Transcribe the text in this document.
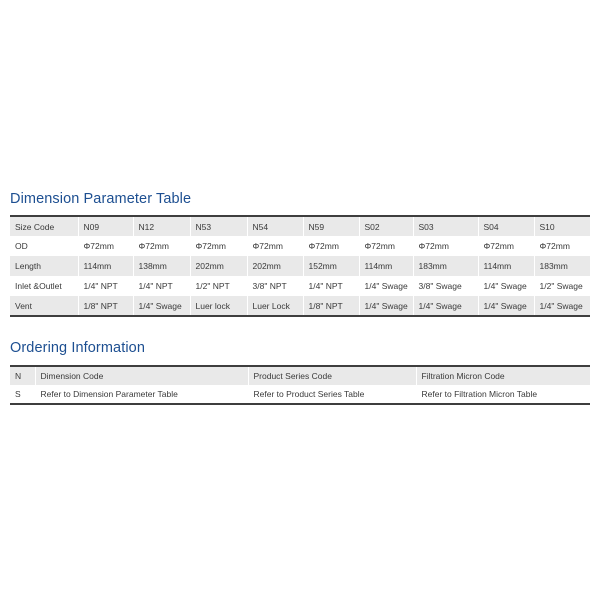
Dimension Parameter Table
Size Code	N09	N12	N53	N54	N59	S02	S03	S04	S10
OD	Φ72mm	Φ72mm	Φ72mm	Φ72mm	Φ72mm	Φ72mm	Φ72mm	Φ72mm	Φ72mm
Length	114mm	138mm	202mm	202mm	152mm	114mm	183mm	114mm	183mm
Inlet &Outlet	1/4" NPT	1/4" NPT	1/2" NPT	3/8" NPT	1/4" NPT	1/4" Swage	3/8" Swage	1/4" Swage	1/2" Swage
Vent	1/8" NPT	1/4" Swage	Luer lock	Luer Lock	1/8" NPT	1/4" Swage	1/4" Swage	1/4" Swage	1/4" Swage
Ordering Information
N	Dimension Code	Product Series Code	Filtration Micron Code
S	Refer to Dimension Parameter Table	Refer to Product Series Table	Refer to Filtration Micron Table
